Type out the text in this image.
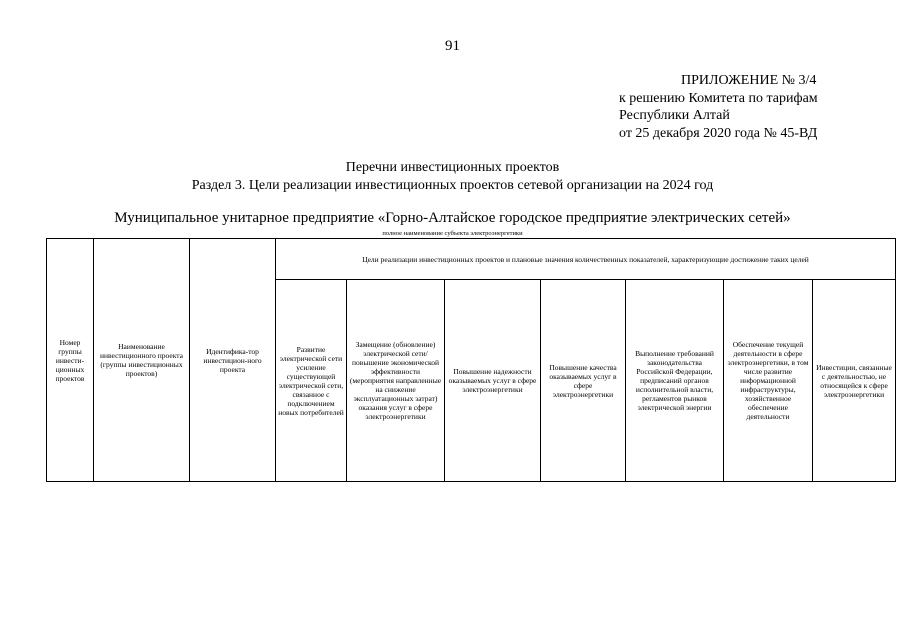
91
ПРИЛОЖЕНИЕ № 3/4
к решению Комитета по тарифам
Республики Алтай
от 25 декабря 2020 года № 45-ВД
Перечни инвестиционных проектов
Раздел 3. Цели реализации инвестиционных проектов сетевой организации на 2024 год
Муниципальное унитарное предприятие «Горно-Алтайское городское предприятие электрических сетей»
полное наименование субъекта электроэнергетики
Номер группы инвести-ционных проектов	Наименование инвестиционного проекта (группы инвестиционных проектов)	Идентифика-тор инвестицион-ного проекта	Цели реализации инвестиционных проектов и плановые значения количественных показателей, характеризующие достижение таких целей						
			Развитие электрической сети усиление существующей электрической сети, связанное с подключением новых потребителей	Замещение (обновление) электрической сети/повышение экономической эффективности (мероприятия направленные на снижение эксплуатационных затрат) оказания услуг в сфере электроэнергетики	Повышение надежности оказываемых услуг в сфере электроэнергетики	Повышение качества оказываемых услуг в сфере электроэнергетики	Выполнение требований законодательства Российской Федерации, предписаний органов исполнительной власти, регламентов рынков электрической энергии	Обеспечение текущей деятельности в сфере электроэнергетики, в том числе развитие информационной инфраструктуры, хозяйственное обеспечение деятельности	Инвестиции, связанные с деятельностью, не относящейся к сфере электроэнергетики
